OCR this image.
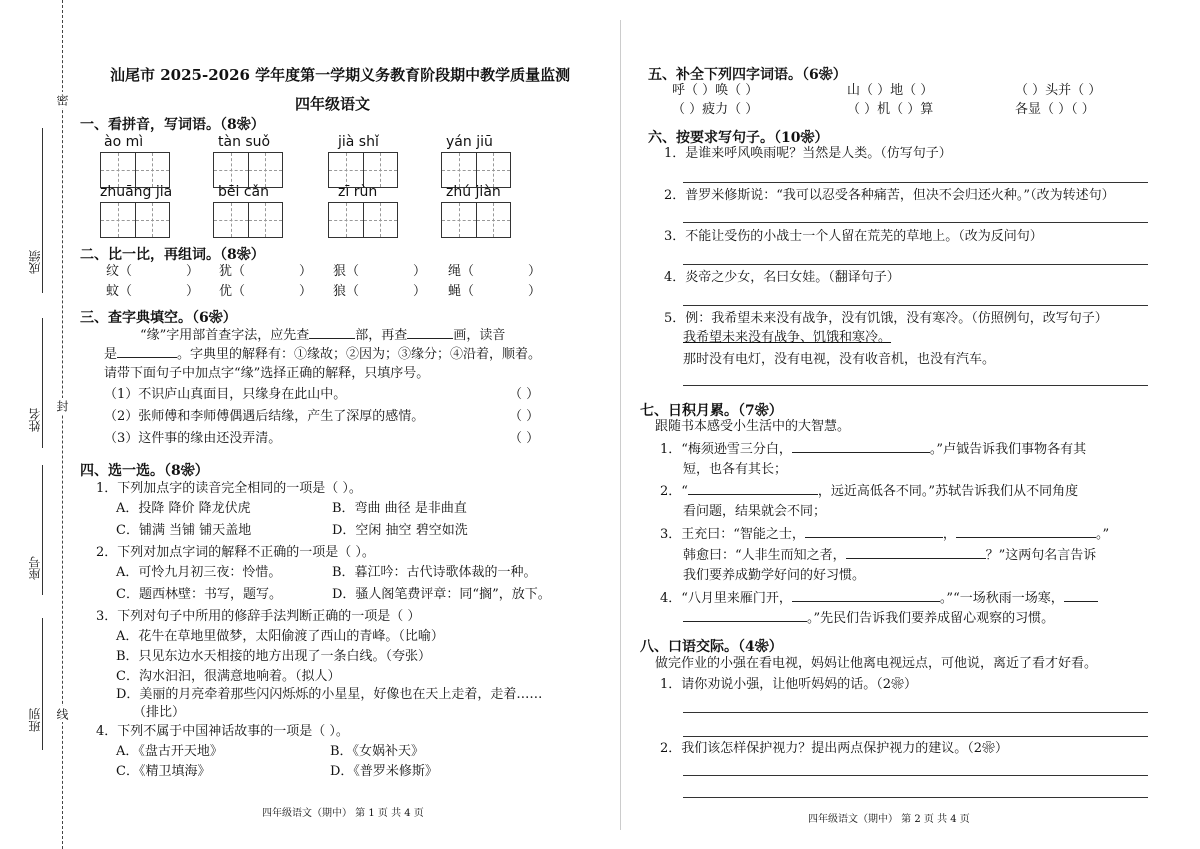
密
封
线
成绩
姓名
座号
班别
汕尾市 2025-2026 学年度第一学期义务教育阶段期中教学质量监测
四年级语文
一、看拼音，写词语。（8❀）
ào mì	tàn suǒ	jià shǐ	yán jiū
zhuāng jia	bēi cǎn	zī rùn	zhú jiàn
二、比一比，再组词。（8❀）
纹（	） 犹（	） 狠（	） 绳（	）
蚊（	） 优（	） 狼（	） 蝇（	）
三、查字典填空。（6❀）
“缘”字用部首查字法，应先查	部，再查	画，读音
是	。字典里的解释有：①缘故；②因为；③缘分；④沿着，顺着。
请带下面句子中加点字“缘”选择正确的解释，只填序号。
（1）不识庐山真面目，只缘身在此山中。	（ ）
（2）张师傅和李师傅偶遇后结缘，产生了深厚的感情。	（ ）
（3）这件事的缘由还没弄清。	（ ）
四、选一选。（8❀）
1．下列加点字的读音完全相同的一项是（ ）。
A．投降 降价 降龙伏虎	B．弯曲 曲径 是非曲直
C．铺满 当铺 铺天盖地	D．空闲 抽空 碧空如洗
2．下列对加点字词的解释不正确的一项是（ ）。
A．可怜九月初三夜：怜惜。	B．暮江吟：古代诗歌体裁的一种。
C．题西林壁：书写，题写。	D．骚人阁笔费评章：同“搁”，放下。
3．下列对句子中所用的修辞手法判断正确的一项是（ ）
A．花牛在草地里做梦，太阳偷渡了西山的青峰。（比喻）
B．只见东边水天相接的地方出现了一条白线。（夸张）
C．沟水汩汩，很满意地响着。（拟人）
D．美丽的月亮牵着那些闪闪烁烁的小星星，好像也在天上走着，走着……
（排比）
4．下列不属于中国神话故事的一项是（ ）。
A．《盘古开天地》	B．《女娲补天》
C．《精卫填海》	D．《普罗米修斯》
四年级语文（期中） 第 1 页 共 4 页
五、补全下列四字词语。（6❀）
呼（ ）唤（ ）	山（ ）地（ ）	（ ）头并（ ）
（ ）疲力（ ）	（ ）机（ ）算	各显（ ）（ ）
六、按要求写句子。（10❀）
1．是谁来呼风唤雨呢？当然是人类。（仿写句子）
2．普罗米修斯说：“我可以忍受各种痛苦，但决不会归还火种。”（改为转述句）
3．不能让受伤的小战士一个人留在荒芜的草地上。（改为反问句）
4．炎帝之少女，名曰女娃。（翻译句子）
5．例：我希望未来没有战争，没有饥饿，没有寒冷。（仿照例句，改写句子）
我希望未来没有战争、饥饿和寒冷。
那时没有电灯，没有电视，没有收音机，也没有汽车。
七、日积月累。（7❀）
跟随书本感受小生活中的大智慧。
1．“梅须逊雪三分白，	。”卢钺告诉我们事物各有其
短，也各有其长；
2．“	，远近高低各不同。”苏轼告诉我们从不同角度
看问题，结果就会不同；
3．王充曰：“智能之士，	，	。”
韩愈曰：“人非生而知之者，	？”这两句名言告诉
我们要养成勤学好问的好习惯。
4．“八月里来雁门开，	。”“一场秋雨一场寒，
。”先民们告诉我们要养成留心观察的习惯。
八、口语交际。（4❀）
做完作业的小强在看电视，妈妈让他离电视远点，可他说，离近了看才好看。
1．请你劝说小强，让他听妈妈的话。（2❀）
2．我们该怎样保护视力？提出两点保护视力的建议。（2❀）
四年级语文（期中） 第 2 页 共 4 页
